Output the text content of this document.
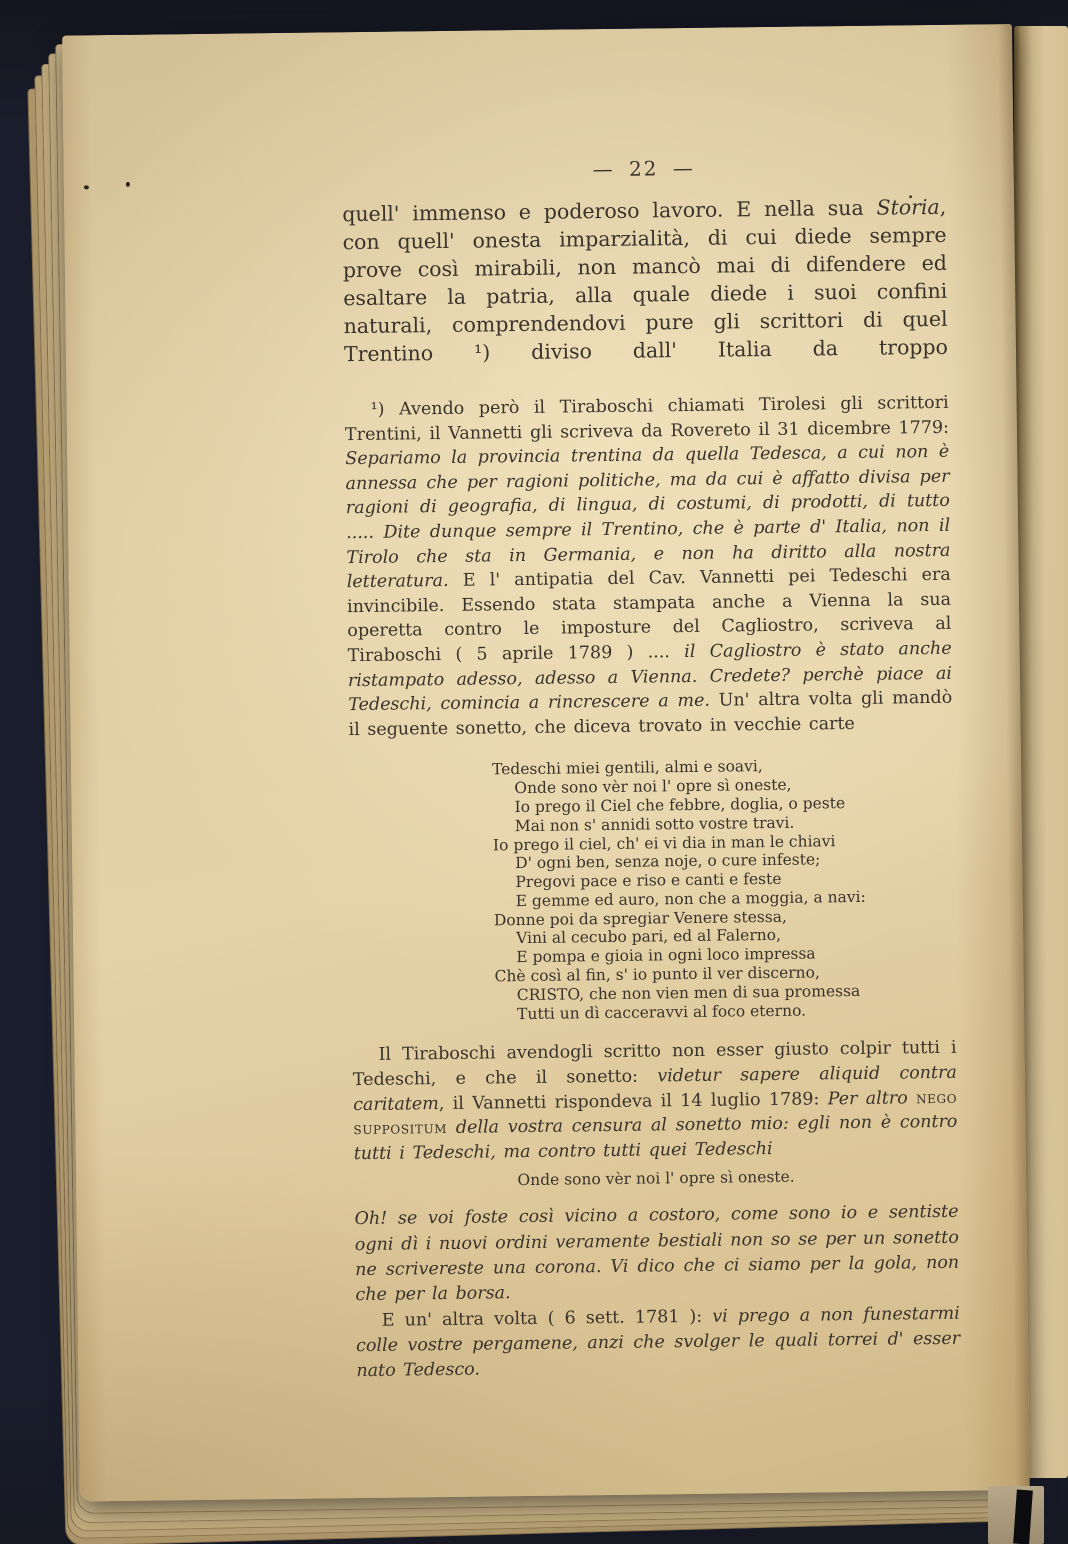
— 22 —

quell' immenso e poderoso lavoro. E nella sua Storia, con quell' onesta imparzialità, di cui diede sempre prove così mirabili, non mancò mai di difendere ed esaltare la patria, alla quale diede i suoi confini naturali, comprendendovi pure gli scrittori di quel Trentino ¹) diviso dall' Italia da troppo

¹) Avendo però il Tiraboschi chiamati Tirolesi gli scrittori Trentini, il Vannetti gli scriveva da Rovereto il 31 dicembre 1779: Separiamo la provincia trentina da quella Tedesca, a cui non è annessa che per ragioni politiche, ma da cui è affatto divisa per ragioni di geografia, di lingua, di costumi, di prodotti, di tutto ..... Dite dunque sempre il Trentino, che è parte d' Italia, non il Tirolo che sta in Germania, e non ha diritto alla nostra letteratura. E l' antipatia del Cav. Vannetti pei Tedeschi era invincibile. Essendo stata stampata anche a Vienna la sua operetta contro le imposture del Cagliostro, scriveva al Tiraboschi ( 5 aprile 1789 ) .... il Cagliostro è stato anche ristampato adesso, adesso a Vienna. Credete? perchè piace ai Tedeschi, comincia a rincrescere a me. Un' altra volta gli mandò il seguente sonetto, che diceva trovato in vecchie carte

Tedeschi miei gentili, almi e soavi,
Onde sono vèr noi l' opre sì oneste,
Io prego il Ciel che febbre, doglia, o peste
Mai non s' annidi sotto vostre travi.
Io prego il ciel, ch' ei vi dia in man le chiavi
D' ogni ben, senza noje, o cure infeste;
Pregovi pace e riso e canti e feste
E gemme ed auro, non che a moggia, a navi:
Donne poi da spregiar Venere stessa,
Vini al cecubo pari, ed al Falerno,
E pompa e gioia in ogni loco impressa
Chè così al fin, s' io punto il ver discerno,
CRISTO, che non vien men di sua promessa
Tutti un dì cacceravvi al foco eterno.

Il Tiraboschi avendogli scritto non esser giusto colpir tutti i Tedeschi, e che il sonetto: videtur sapere aliquid contra caritatem, il Vannetti rispondeva il 14 luglio 1789: Per altro nego suppositum della vostra censura al sonetto mio: egli non è contro tutti i Tedeschi, ma contro tutti quei Tedeschi

Onde sono vèr noi l' opre sì oneste.

Oh! se voi foste così vicino a costoro, come sono io e sentiste ogni dì i nuovi ordini veramente bestiali non so se per un sonetto ne scrivereste una corona. Vi dico che ci siamo per la gola, non che per la borsa.

E un' altra volta ( 6 sett. 1781 ): vi prego a non funestarmi colle vostre pergamene, anzi che svolger le quali torrei d' esser nato Tedesco.
